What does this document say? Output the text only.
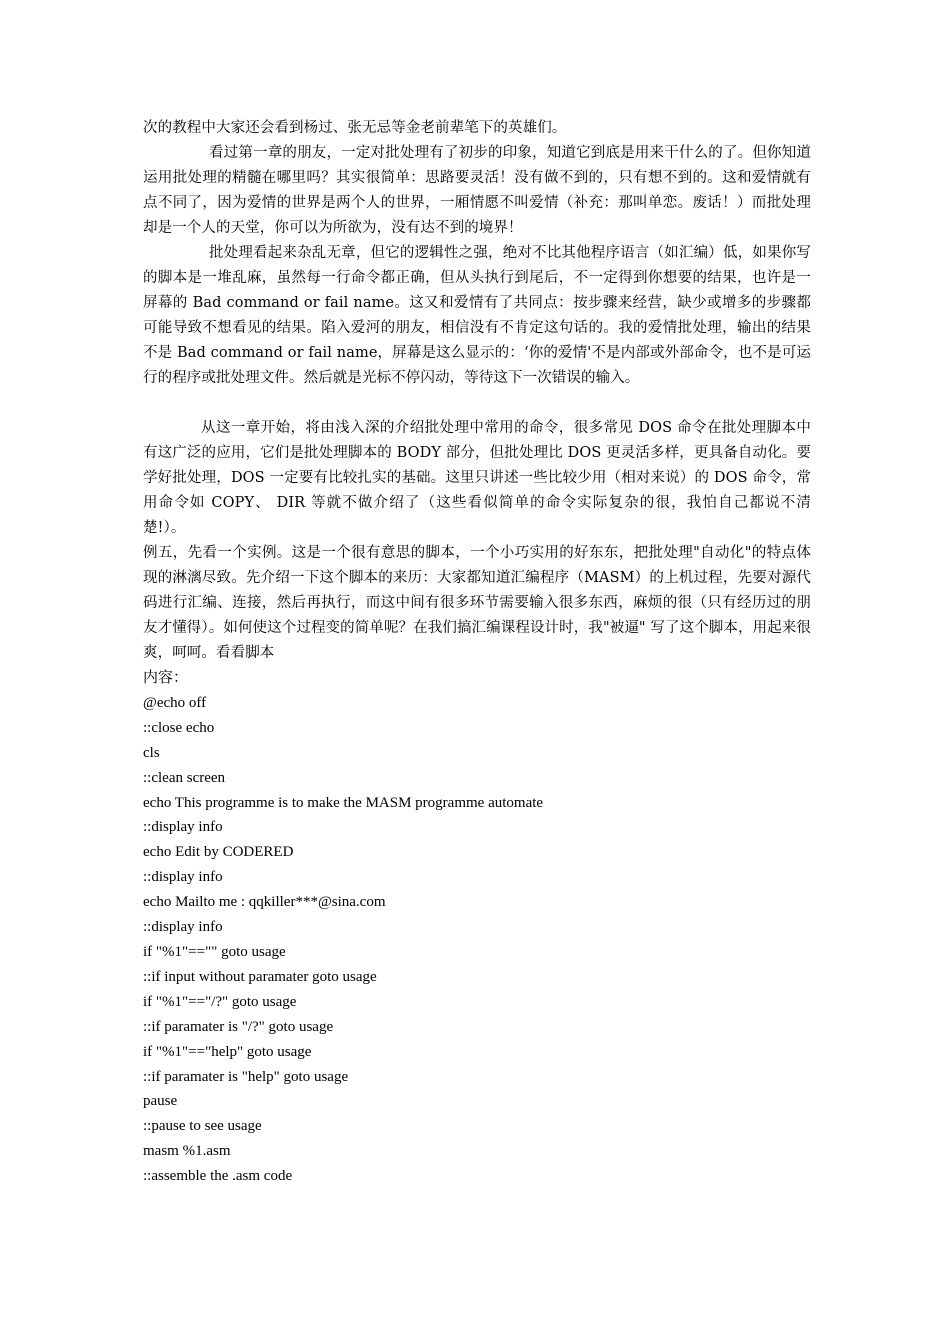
次的教程中大家还会看到杨过、张无忌等金老前辈笔下的英雄们。

看过第一章的朋友，一定对批处理有了初步的印象，知道它到底是用来干什么的了。但你知道运用批处理的精髓在哪里吗？其实很简单：思路要灵活！没有做不到的，只有想不到的。这和爱情就有点不同了，因为爱情的世界是两个人的世界，一厢情愿不叫爱情（补充：那叫单恋。废话！）而批处理却是一个人的天堂，你可以为所欲为，没有达不到的境界！

批处理看起来杂乱无章，但它的逻辑性之强，绝对不比其他程序语言（如汇编）低，如果你写的脚本是一堆乱麻，虽然每一行命令都正确，但从头执行到尾后，不一定得到你想要的结果，也许是一屏幕的 Bad command or fail name。这又和爱情有了共同点：按步骤来经营，缺少或增多的步骤都可能导致不想看见的结果。陷入爱河的朋友，相信没有不肯定这句话的。我的爱情批处理，输出的结果不是 Bad command or fail name，屏幕是这么显示的：‘你的爱情'不是内部或外部命令，也不是可运行的程序或批处理文件。然后就是光标不停闪动，等待这下一次错误的输入。

从这一章开始，将由浅入深的介绍批处理中常用的命令，很多常见 DOS 命令在批处理脚本中有这广泛的应用，它们是批处理脚本的 BODY 部分，但批处理比 DOS 更灵活多样，更具备自动化。要学好批处理，DOS 一定要有比较扎实的基础。这里只讲述一些比较少用（相对来说）的 DOS 命令，常用命令如 COPY、 DIR 等就不做介绍了（这些看似简单的命令实际复杂的很，我怕自己都说不清楚!）。

例五，先看一个实例。这是一个很有意思的脚本，一个小巧实用的好东东，把批处理"自动化"的特点体现的淋漓尽致。先介绍一下这个脚本的来历：大家都知道汇编程序（MASM）的上机过程，先要对源代码进行汇编、连接，然后再执行，而这中间有很多环节需要输入很多东西，麻烦的很（只有经历过的朋友才懂得）。如何使这个过程变的简单呢？在我们搞汇编课程设计时，我"被逼" 写了这个脚本，用起来很爽，呵呵。看看脚本

内容：

@echo off

::close echo

cls

::clean screen

echo This programme is to make the MASM programme automate

::display info

echo Edit by CODERED

::display info

echo Mailto me : qqkiller***@sina.com

::display info

if "%1"=="" goto usage

::if input without paramater goto usage

if "%1"=="/?" goto usage

::if paramater is "/?" goto usage

if "%1"=="help" goto usage

::if paramater is "help" goto usage

pause

::pause to see usage

masm %1.asm

::assemble the .asm code
